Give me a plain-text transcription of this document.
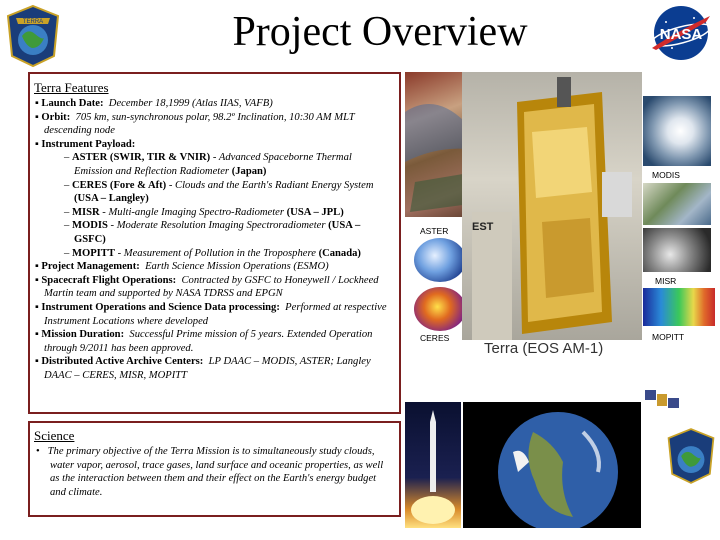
Project Overview
TERRA
NASA
Terra Features
▪ Launch Date: December 18,1999 (Atlas IIAS, VAFB)
▪ Orbit: 705 km, sun-synchronous polar, 98.2º Inclination, 10:30 AM MLT descending node
▪ Instrument Payload:
– ASTER (SWIR, TIR & VNIR) - Advanced Spaceborne Thermal Emission and Reflection Radiometer (Japan)
– CERES (Fore & Aft) - Clouds and the Earth's Radiant Energy System (USA – Langley)
– MISR - Multi-angle Imaging Spectro-Radiometer (USA – JPL)
– MODIS - Moderate Resolution Imaging Spectroradiometer (USA – GSFC)
– MOPITT - Measurement of Pollution in the Troposphere (Canada)
▪ Project Management: Earth Science Mission Operations (ESMO)
▪ Spacecraft Flight Operations: Contracted by GSFC to Honeywell / Lockheed Martin team and supported by NASA TDRSS and EPGN
▪ Instrument Operations and Science Data processing: Performed at respective Instrument Locations where developed
▪ Mission Duration: Successful Prime mission of 5 years. Extended Operation through 9/2011 has been approved.
▪ Distributed Active Archive Centers: LP DAAC – MODIS, ASTER; Langley DAAC – CERES, MISR, MOPITT
Science
•   The primary objective of the Terra Mission is to simultaneously study clouds, water vapor, aerosol, trace gases, land surface and oceanic properties, as well as the interaction between them and their effect on the Earth's energy budget and climate.
ASTER
CERES
EST
Terra (EOS AM-1)
MODIS
MISR
MOPITT
